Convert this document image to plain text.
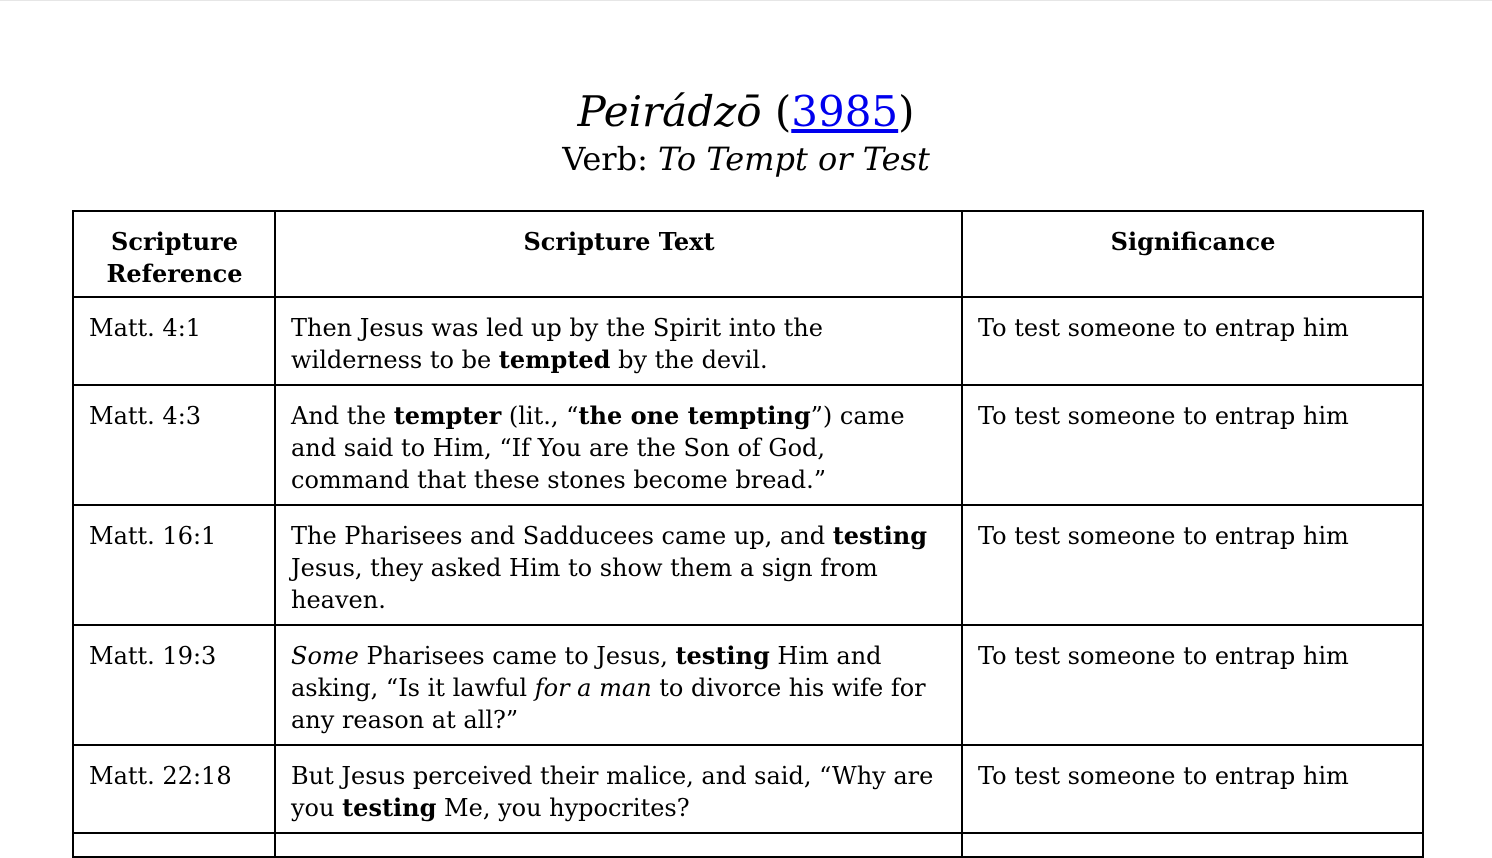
Peirádzō (3985)
Verb: To Tempt or Test
Scripture Reference	Scripture Text	Significance
Matt. 4:1	Then Jesus was led up by the Spirit into the wilderness to be tempted by the devil.	To test someone to entrap him
Matt. 4:3	And the tempter (lit., “the one tempting”) came and said to Him, “If You are the Son of God, command that these stones become bread.”	To test someone to entrap him
Matt. 16:1	The Pharisees and Sadducees came up, and testing Jesus, they asked Him to show them a sign from heaven.	To test someone to entrap him
Matt. 19:3	Some Pharisees came to Jesus, testing Him and asking, “Is it lawful for a man to divorce his wife for any reason at all?”	To test someone to entrap him
Matt. 22:18	But Jesus perceived their malice, and said, “Why are you testing Me, you hypocrites?	To test someone to entrap him
